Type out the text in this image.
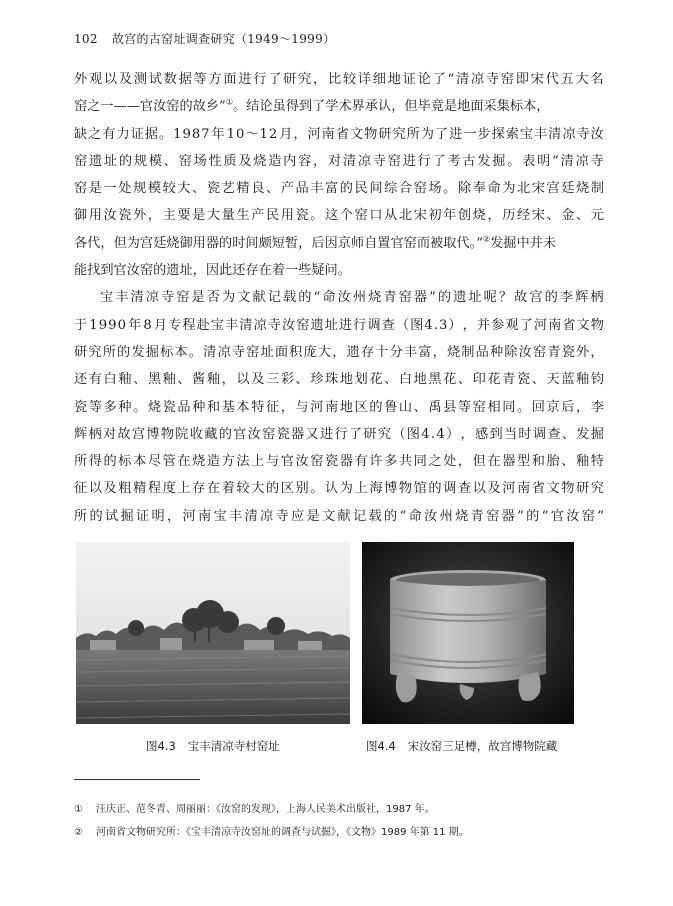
102 故宫的古窑址调查研究（1949～1999）
外 观 以 及 测 试 数 据 等 方 面 进 行 了 研 究 ， 比 较 详 细 地 证 论 了 “ 清 凉 寺 窑 即 宋 代 五 大 名
窑之一——官汝窑的故乡”①。结论虽得到了学术界承认，但毕竟是地面采集标本，
缺 之 有 力 证 据 。 1 9 8 7 年 1 0 ～ 1 2 月 ， 河 南 省 文 物 研 究 所 为 了 进 一 步 探 索 宝 丰 清 凉 寺 汝
窑 遗 址 的 规 模 、 窑 场 性 质 及 烧 造 内 容 ， 对 清 凉 寺 窑 进 行 了 考 古 发 掘 。 表 明 “ 清 凉 寺
窑 是 一 处 规 模 较 大 、 瓷 艺 精 良 、 产 品 丰 富 的 民 间 综 合 窑 场 。 除 奉 命 为 北 宋 宫 廷 烧 制
御 用 汝 瓷 外 ， 主 要 是 大 量 生 产 民 用 瓷 。 这 个 窑 口 从 北 宋 初 年 创 烧 ， 历 经 宋 、 金 、 元
各代，但为宫廷烧御用器的时间颇短暂，后因京师自置官窑而被取代。”②发掘中并未
能找到官汝窑的遗址，因此还存在着一些疑问。
宝 丰 清 凉 寺 窑 是 否 为 文 献 记 载 的 “ 命 汝 州 烧 青 窑 器 ” 的 遗 址 呢 ？ 故 宫 的 李 辉 柄
于 1 9 9 0 年 8 月 专 程 赴 宝 丰 清 凉 寺 汝 窑 遗 址 进 行 调 查 （ 图 4 . 3 ） ， 并 参 观 了 河 南 省 文 物
研 究 所 的 发 掘 标 本 。 清 凉 寺 窑 址 面 积 庞 大 ， 遗 存 十 分 丰 富 ， 烧 制 品 种 除 汝 窑 青 瓷 外 ，
还 有 白 釉 、 黑 釉 、 酱 釉 ， 以 及 三 彩 、 珍 珠 地 划 花 、 白 地 黑 花 、 印 花 青 瓷 、 天 蓝 釉 钧
瓷 等 多 种 。 烧 瓷 品 种 和 基 本 特 征 ， 与 河 南 地 区 的 鲁 山 、 禹 县 等 窑 相 同 。 回 京 后 ， 李
辉 柄 对 故 宫 博 物 院 收 藏 的 官 汝 窑 瓷 器 又 进 行 了 研 究 （ 图 4 . 4 ） ， 感 到 当 时 调 查 、 发 掘
所 得 的 标 本 尽 管 在 烧 造 方 法 上 与 官 汝 窑 瓷 器 有 许 多 共 同 之 处 ， 但 在 器 型 和 胎 、 釉 特
征 以 及 粗 精 程 度 上 存 在 着 较 大 的 区 别 。 认 为 上 海 博 物 馆 的 调 查 以 及 河 南 省 文 物 研 究
所 的 试 掘 证 明 ， 河 南 宝 丰 清 凉 寺 应 是 文 献 记 载 的 “ 命 汝 州 烧 青 窑 器 ” 的 “ 官 汝 窑 ”
图4.3 宝丰清凉寺村窑址	图4.4 宋汝窑三足樽，故宫博物院藏
① 汪庆正、范冬青、周丽丽：《汝窑的发现》，上海人民美术出版社，1987 年。
② 河南省文物研究所：《宝丰清凉寺汝窑址的调查与试掘》，《文物》1989 年第 11 期。
